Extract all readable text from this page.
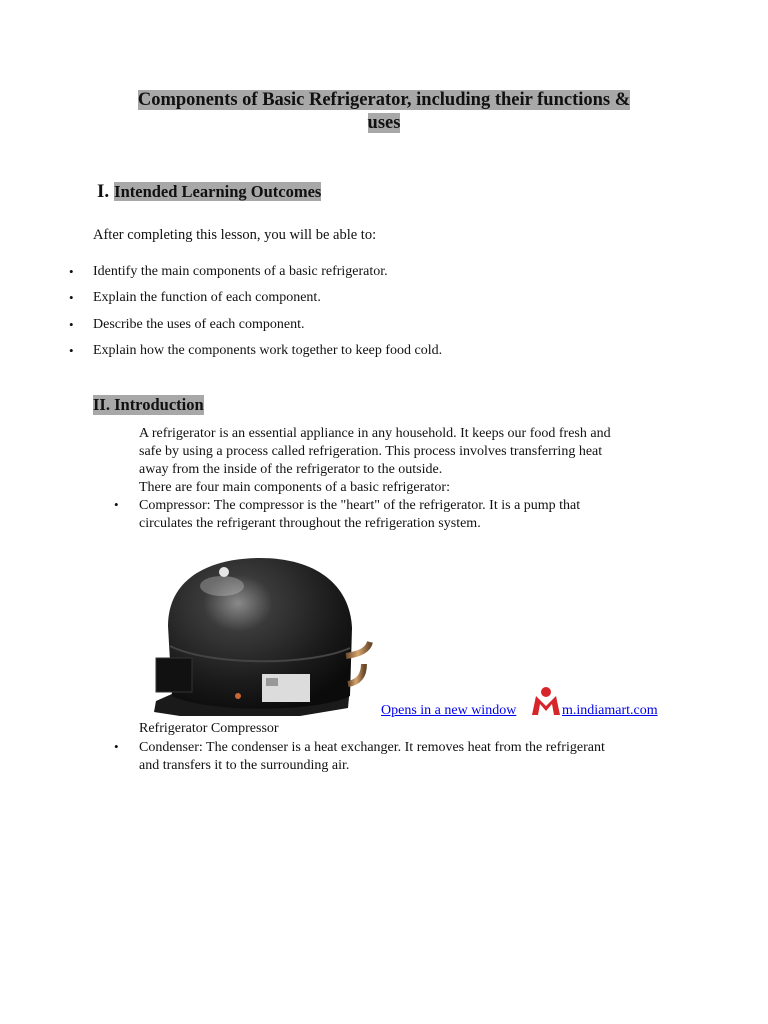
Components of Basic Refrigerator, including their functions &
uses
I. Intended Learning Outcomes
After completing this lesson, you will be able to:
• Identify the main components of a basic refrigerator.
• Explain the function of each component.
• Describe the uses of each component.
• Explain how the components work together to keep food cold.
II. Introduction
A refrigerator is an essential appliance in any household. It keeps our food fresh and
safe by using a process called refrigeration. This process involves transferring heat
away from the inside of the refrigerator to the outside.
There are four main components of a basic refrigerator:
• Compressor: The compressor is the "heart" of the refrigerator. It is a pump that
circulates the refrigerant throughout the refrigeration system.
Opens in a new window	m.indiamart.com
Refrigerator Compressor
• Condenser: The condenser is a heat exchanger. It removes heat from the refrigerant
and transfers it to the surrounding air.
